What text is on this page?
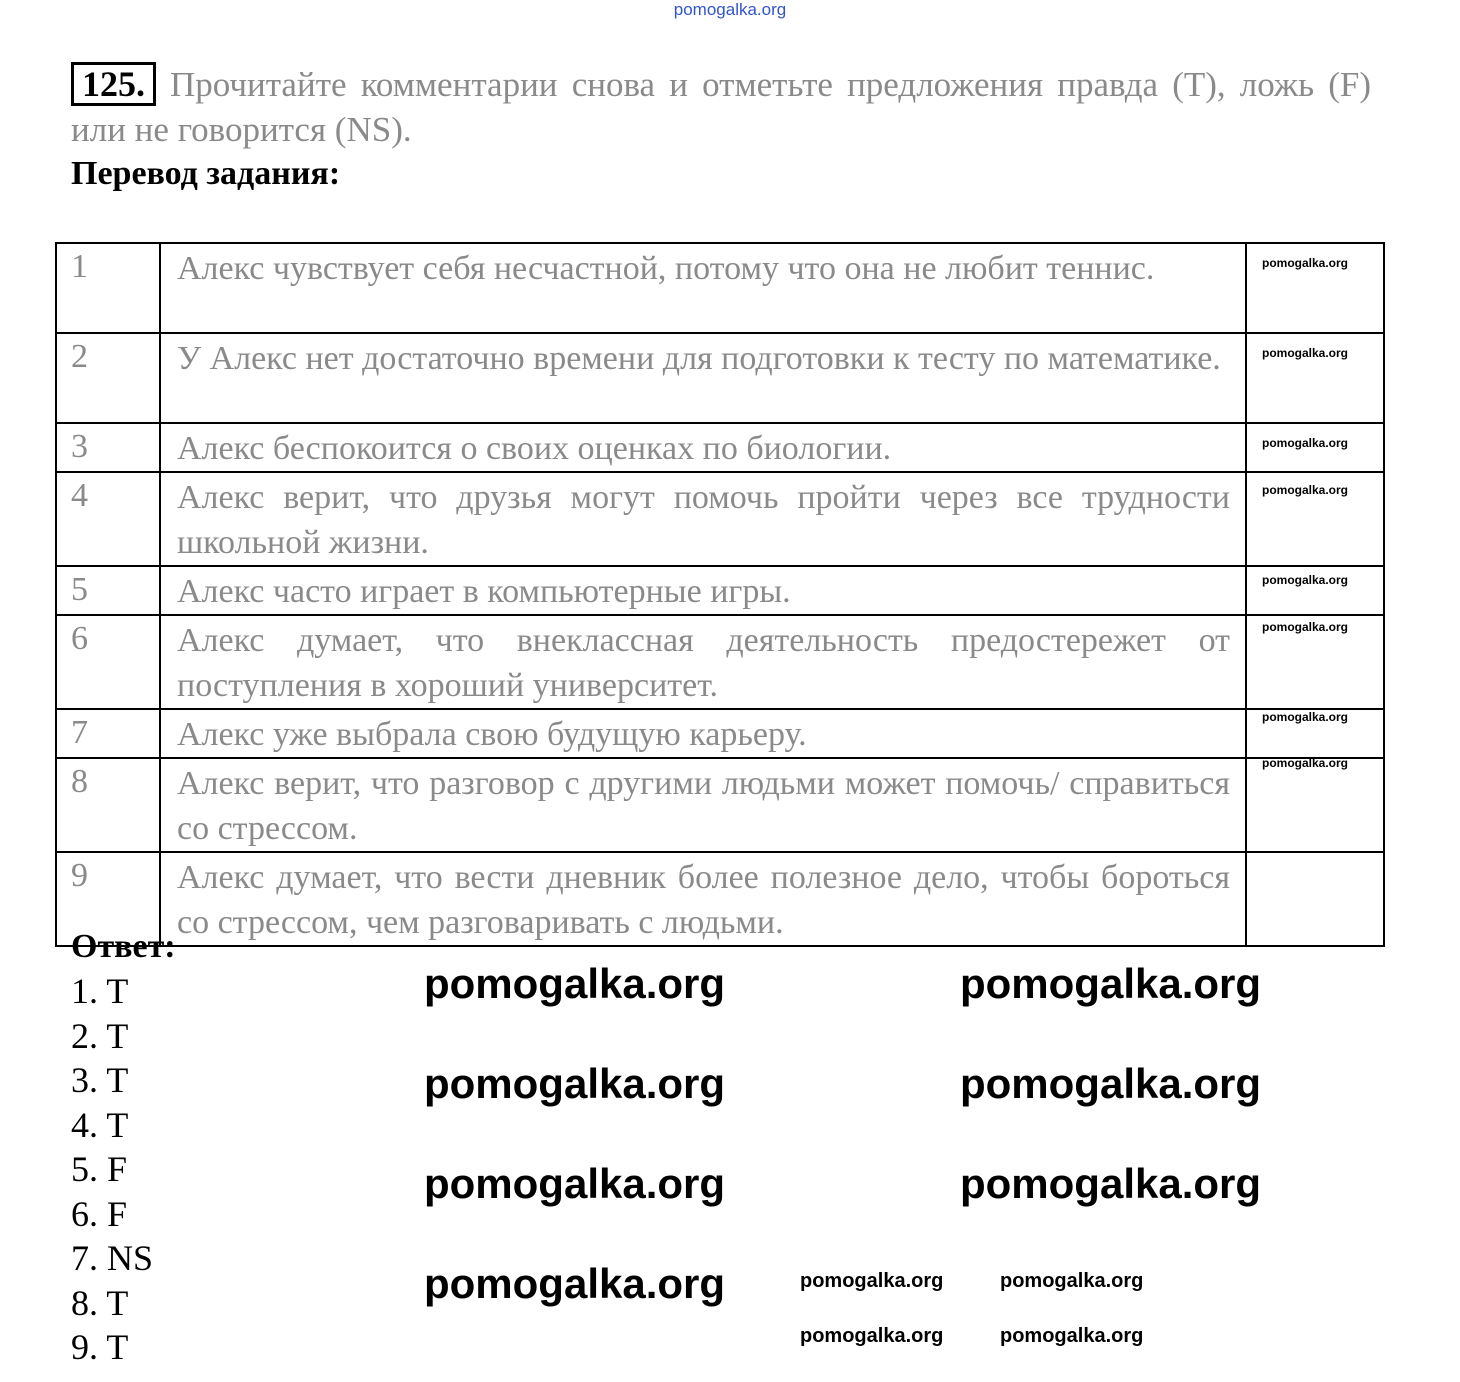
pomogalka.org
125. Прочитайте комментарии снова и отметьте предложения правда (T), ложь (F) или не говорится (NS).
Перевод задания:
1	Алекс чувствует себя несчастной, потому что она не любит теннис.	
2	У Алекс нет достаточно времени для подготовки к тесту по математике.	
3	Алекс беспокоится о своих оценках по биологии.	
4	Алекс верит, что друзья могут помочь пройти через все трудности школьной жизни.	
5	Алекс часто играет в компьютерные игры.	
6	Алекс думает, что внеклассная деятельность предостережет от поступления в хороший университет.	
7	Алекс уже выбрала свою будущую карьеру.	
8	Алекс верит, что разговор с другими людьми может помочь/ справиться со стрессом.	
9	Алекс думает, что вести дневник более полезное дело, чтобы бороться со стрессом, чем разговаривать с людьми.	
Ответ:
1. T
2. T
3. T
4. T
5. F
6. F
7. NS
8. T
9. T
pomogalka.org	pomogalka.org
pomogalka.org	pomogalka.org
pomogalka.org	pomogalka.org
pomogalka.org	pomogalka.org	pomogalka.org
pomogalka.org	pomogalka.org
pomogalka.org
pomogalka.org
pomogalka.org
pomogalka.org
pomogalka.org
pomogalka.org
pomogalka.org
pomogalka.org
